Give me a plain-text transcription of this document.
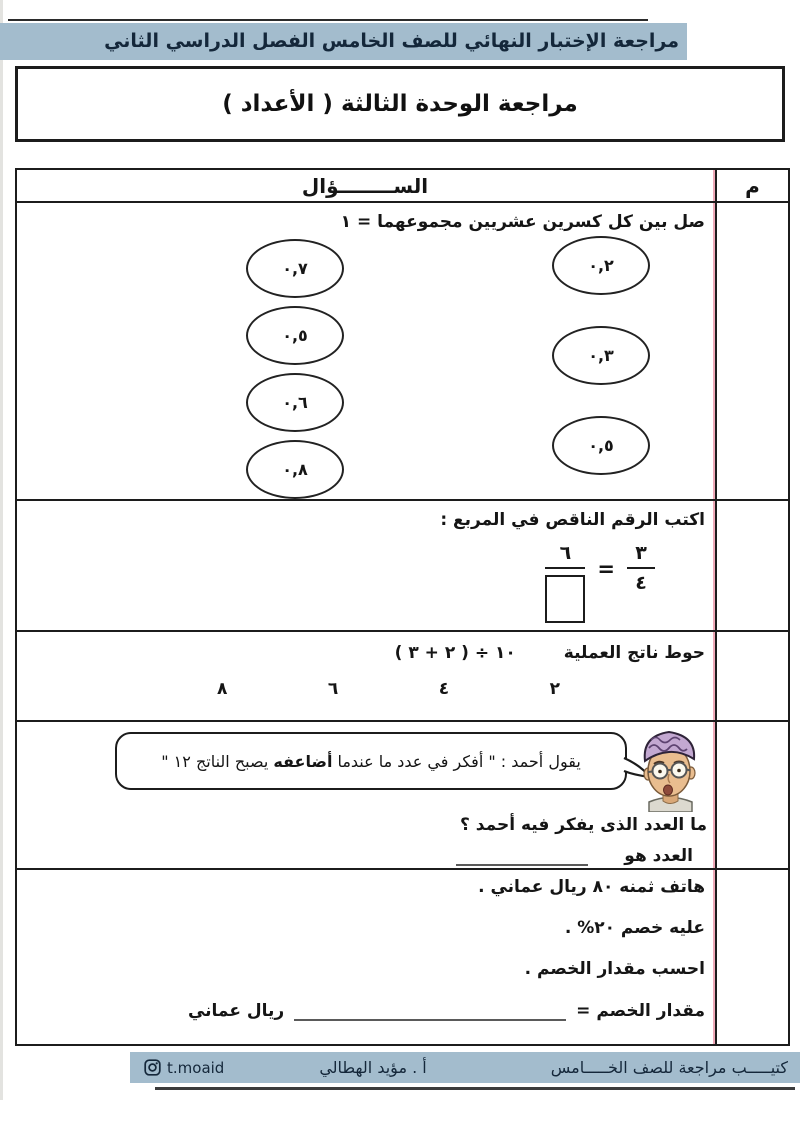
مراجعة الإختبار النهائي للصف الخامس الفصل الدراسي الثاني
مراجعة الوحدة الثالثة ( الأعداد )
الســــــــؤال	م
صل بين كل كسرين عشريين مجموعهما = ١
٠,٢
٠,٣
٠,٥
٠,٧
٠,٥
٠,٦
٠,٨
اكتب الرقم الناقص في المربع :
$\frac{٣}{٤}$
=
٦
حوط ناتج العملية
١٠ ÷ ( ٢ + ٣ )
٢
٤
٦
٨
يقول أحمد : " أفكر في عدد ما عندما
أضاعفه
يصبح الناتج ١٢ "
ما العدد الذى يفكر فيه أحمد ؟
العدد هو
هاتف ثمنه ٨٠ ريال عماني .
عليه خصم ٢٠% .
احسب مقدار الخصم .
مقدار الخصم =
ريال عماني
t.moaid	أ . مؤيد الهطالي	كتيـــــب مراجعة للصف الخـــــامس
